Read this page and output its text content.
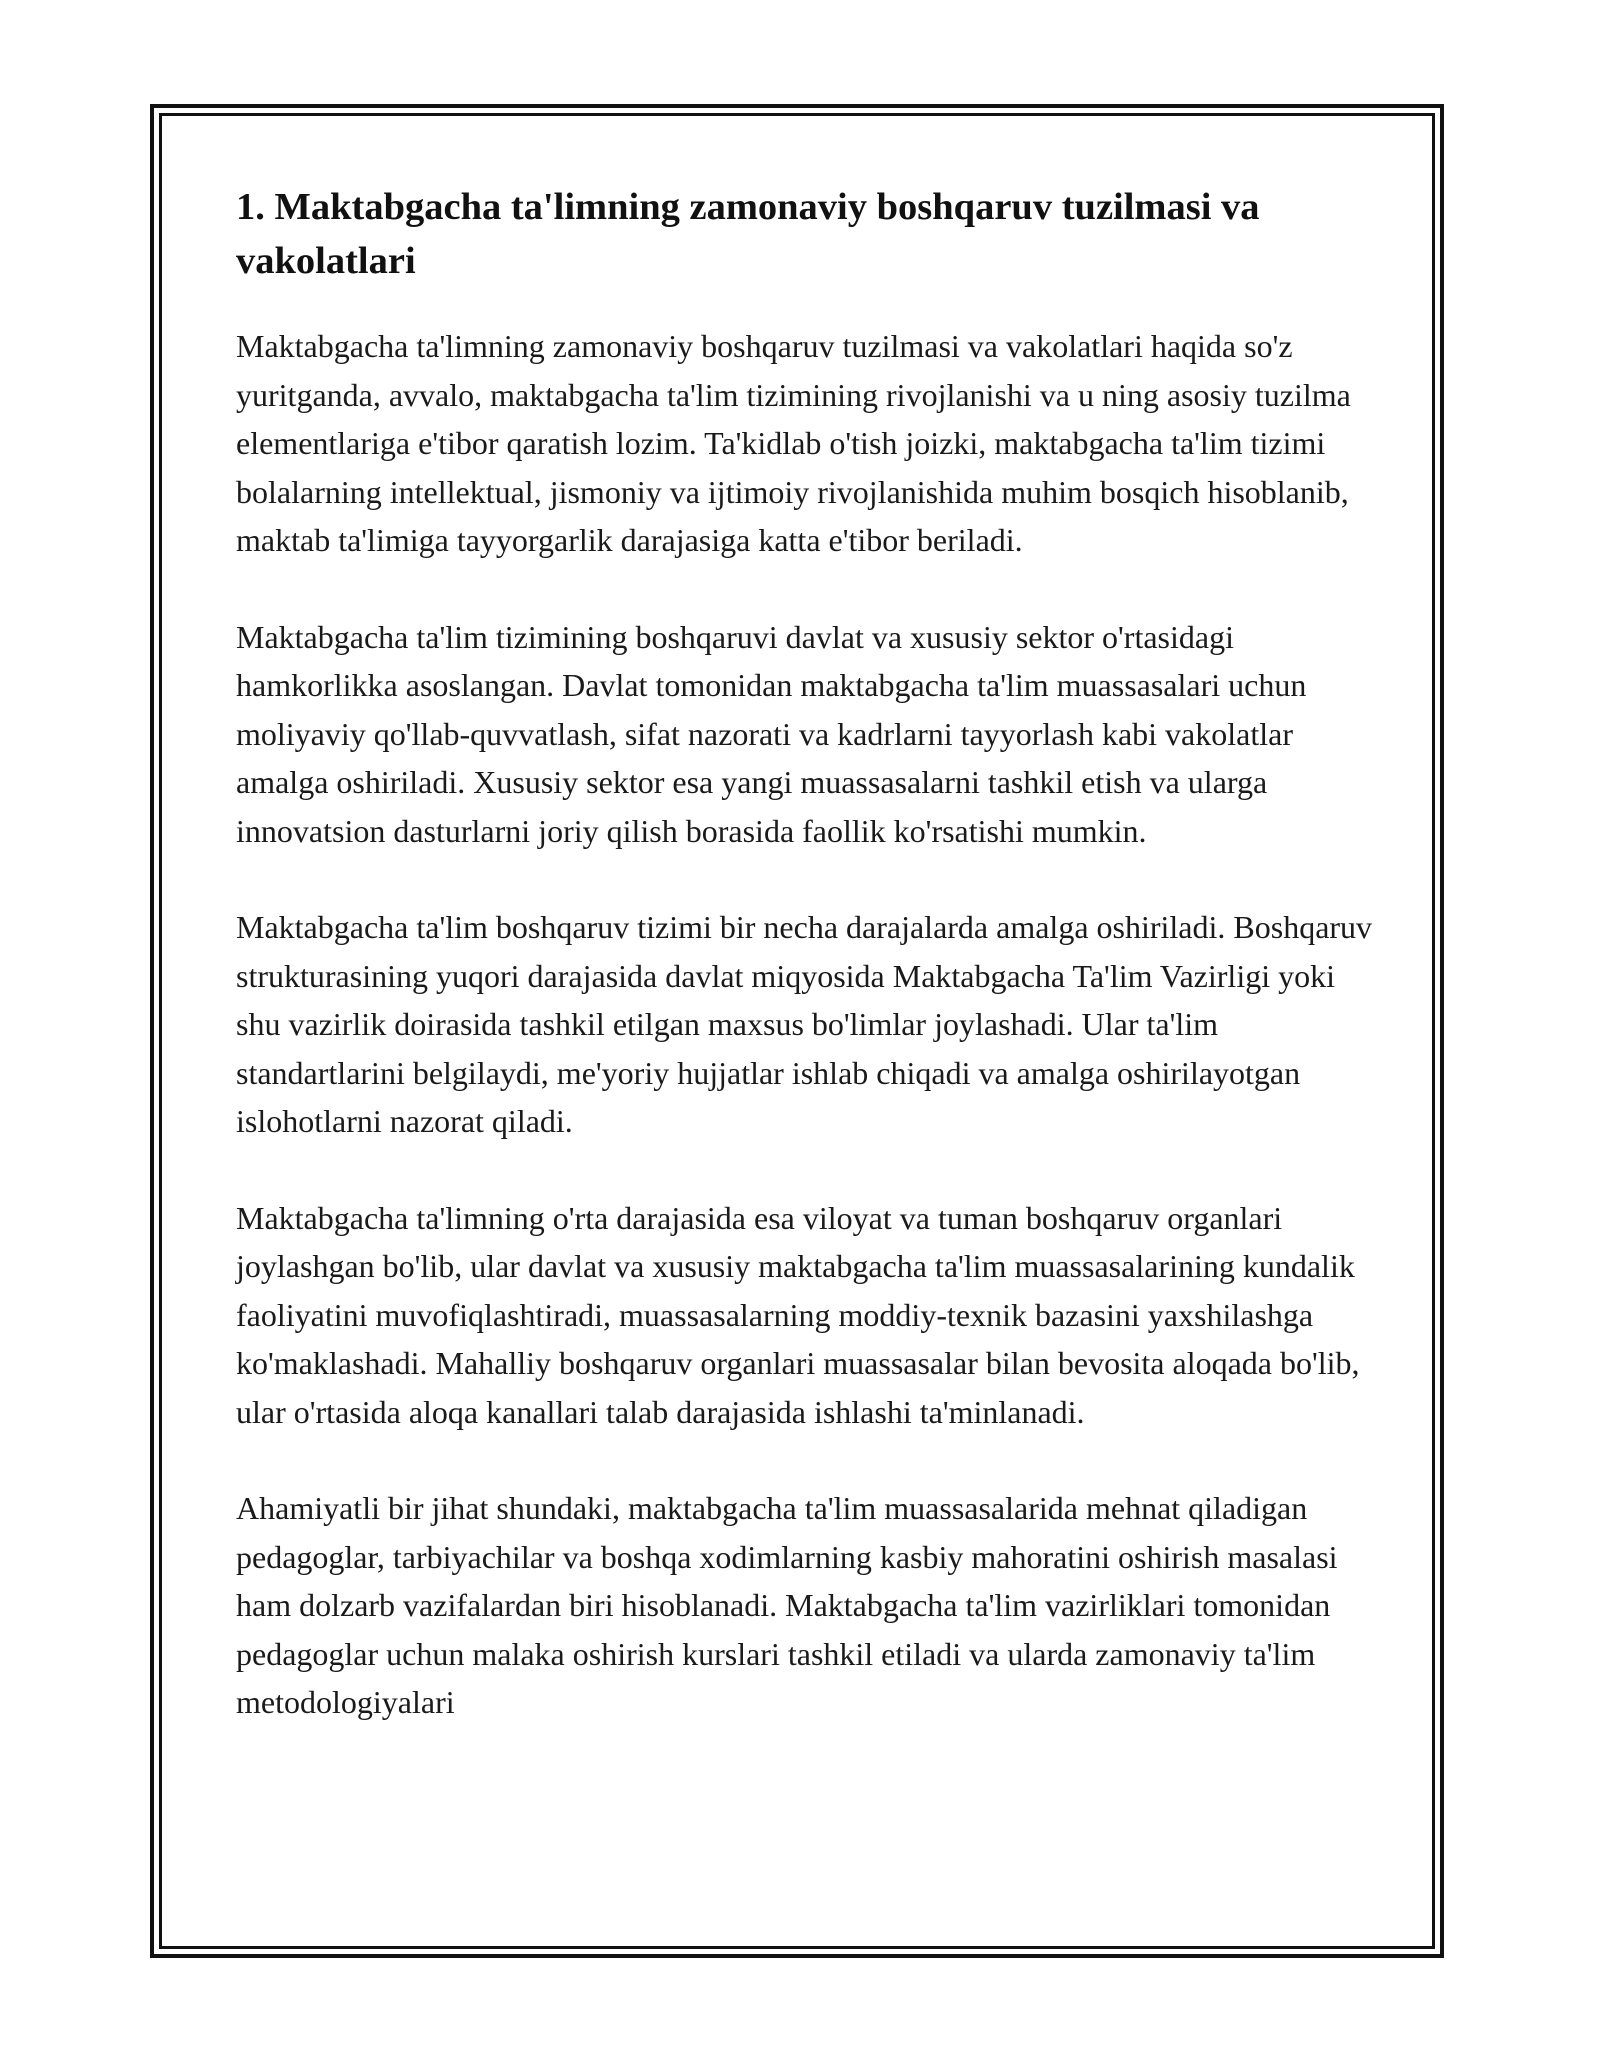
1. Maktabgacha ta'limning zamonaviy boshqaruv tuzilmasi va vakolatlari

Maktabgacha ta'limning zamonaviy boshqaruv tuzilmasi va vakolatlari haqida so'z yuritganda, avvalo, maktabgacha ta'lim tizimining rivojlanishi va u ning asosiy tuzilma elementlariga e'tibor qaratish lozim. Ta'kidlab o'tish joizki, maktabgacha ta'lim tizimi bolalarning intellektual, jismoniy va ijtimoiy rivojlanishida muhim bosqich hisoblanib, maktab ta'limiga tayyorgarlik darajasiga katta e'tibor beriladi.

Maktabgacha ta'lim tizimining boshqaruvi davlat va xususiy sektor o'rtasidagi hamkorlikka asoslangan. Davlat tomonidan maktabgacha ta'lim muassasalari uchun moliyaviy qo'llab-quvvatlash, sifat nazorati va kadrlarni tayyorlash kabi vakolatlar amalga oshiriladi. Xususiy sektor esa yangi muassasalarni tashkil etish va ularga innovatsion dasturlarni joriy qilish borasida faollik ko'rsatishi mumkin.

Maktabgacha ta'lim boshqaruv tizimi bir necha darajalarda amalga oshiriladi. Boshqaruv strukturasining yuqori darajasida davlat miqyosida Maktabgacha Ta'lim Vazirligi yoki shu vazirlik doirasida tashkil etilgan maxsus bo'limlar joylashadi. Ular ta'lim standartlarini belgilaydi, me'yoriy hujjatlar ishlab chiqadi va amalga oshirilayotgan islohotlarni nazorat qiladi.

Maktabgacha ta'limning o'rta darajasida esa viloyat va tuman boshqaruv organlari joylashgan bo'lib, ular davlat va xususiy maktabgacha ta'lim muassasalarining kundalik faoliyatini muvofiqlashtiradi, muassasalarning moddiy-texnik bazasini yaxshilashga ko'maklashadi. Mahalliy boshqaruv organlari muassasalar bilan bevosita aloqada bo'lib, ular o'rtasida aloqa kanallari talab darajasida ishlashi ta'minlanadi.

Ahamiyatli bir jihat shundaki, maktabgacha ta'lim muassasalarida mehnat qiladigan pedagoglar, tarbiyachilar va boshqa xodimlarning kasbiy mahoratini oshirish masalasi ham dolzarb vazifalardan biri hisoblanadi. Maktabgacha ta'lim vazirliklari tomonidan pedagoglar uchun malaka oshirish kurslari tashkil etiladi va ularda zamonaviy ta'lim metodologiyalari
